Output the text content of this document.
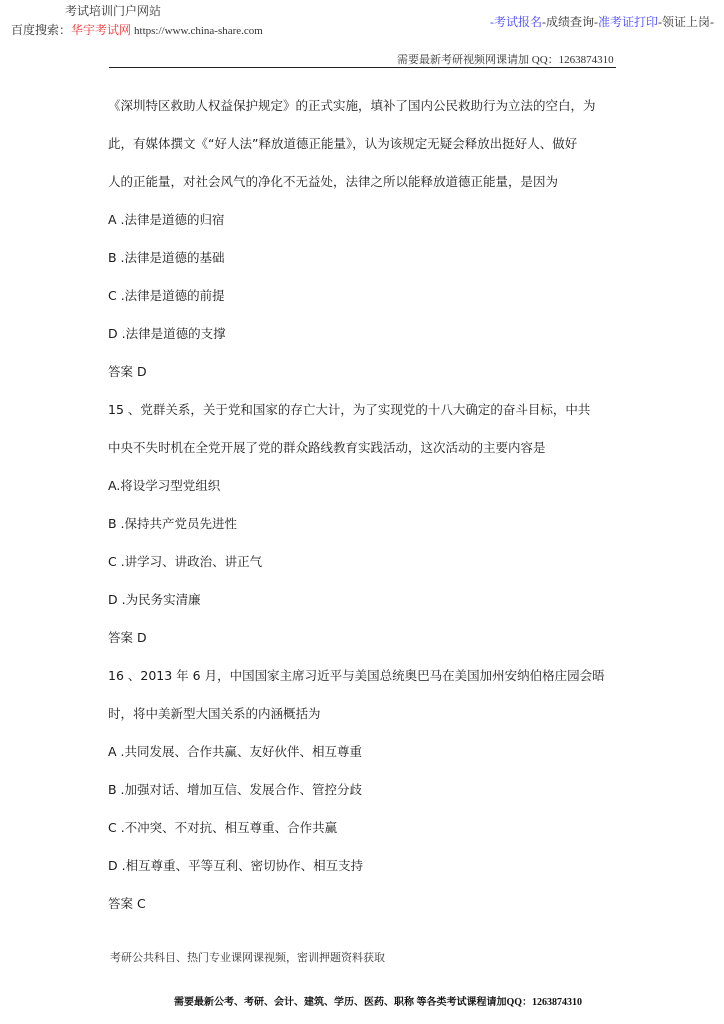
考试培训门户网站
百度搜索：华宇考试网 https://www.china-share.com
-考试报名-成绩查询-准考证打印-领证上岗-
需要最新考研视频网课请加 QQ：1263874310
《深圳特区救助人权益保护规定》的正式实施，填补了国内公民救助行为立法的空白，为
此，有媒体撰文《“好人法”释放道德正能量》，认为该规定无疑会释放出挺好人、做好
人的正能量，对社会风气的净化不无益处，法律之所以能释放道德正能量，是因为
A .法律是道德的归宿
B .法律是道德的基础
C .法律是道德的前提
D .法律是道德的支撑
答案 D
15 、党群关系，关于党和国家的存亡大计，为了实现党的十八大确定的奋斗目标，中共
中央不失时机在全党开展了党的群众路线教育实践活动，这次活动的主要内容是
A.将设学习型党组织
B .保持共产党员先进性
C .讲学习、讲政治、讲正气
D .为民务实清廉
答案 D
16 、2013 年 6 月，中国国家主席习近平与美国总统奥巴马在美国加州安纳伯格庄园会晤
时，将中美新型大国关系的内涵概括为
A .共同发展、合作共赢、友好伙伴、相互尊重
B .加强对话、增加互信、发展合作、管控分歧
C .不冲突、不对抗、相互尊重、合作共赢
D .相互尊重、平等互利、密切协作、相互支持
答案 C
考研公共科目、热门专业课网课视频，密训押题资料获取
需要最新公考、考研、会计、建筑、学历、医药、职称 等各类考试课程请加QQ：1263874310
